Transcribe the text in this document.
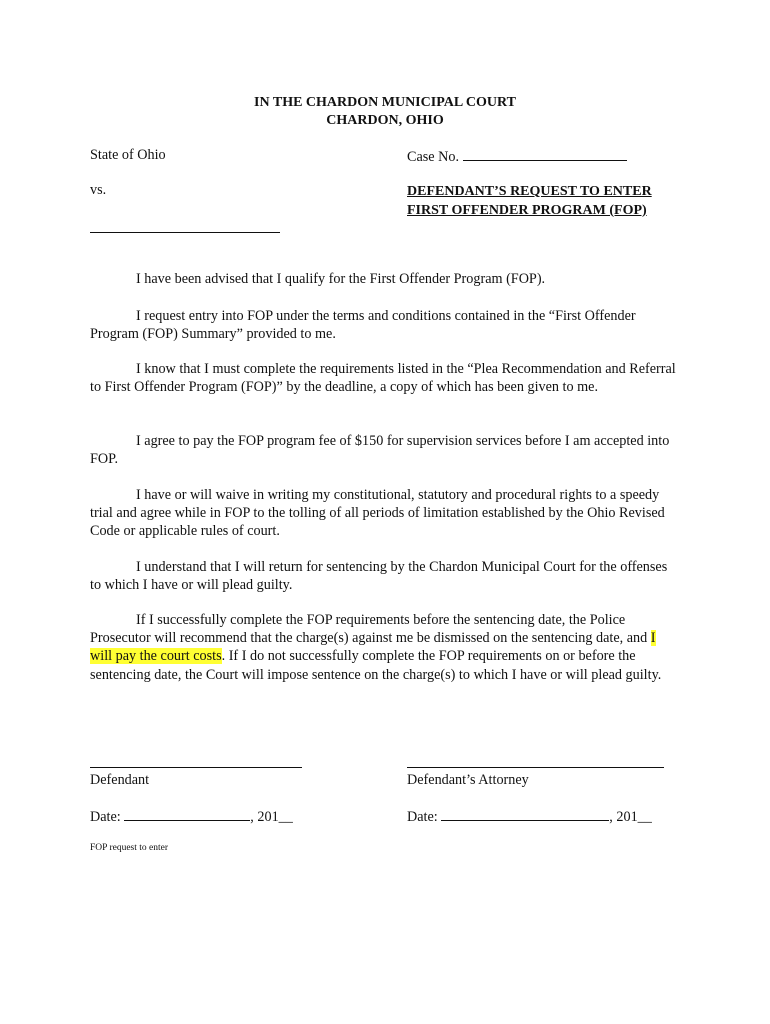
IN THE CHARDON MUNICIPAL COURT
CHARDON, OHIO
State of Ohio
vs.
Case No.
DEFENDANT’S REQUEST TO ENTER
FIRST OFFENDER PROGRAM (FOP)
I have been advised that I qualify for the First Offender Program (FOP).
I request entry into FOP under the terms and conditions contained in the “First Offender Program (FOP) Summary” provided to me.
I know that I must complete the requirements listed in the “Plea Recommendation and Referral to First Offender Program (FOP)” by the deadline, a copy of which has been given to me.
I agree to pay the FOP program fee of $150 for supervision services before I am accepted into FOP.
I have or will waive in writing my constitutional, statutory and procedural rights to a speedy trial and agree while in FOP to the tolling of all periods of limitation established by the Ohio Revised Code or applicable rules of court.
I understand that I will return for sentencing by the Chardon Municipal Court for the offenses to which I have or will plead guilty.
If I successfully complete the FOP requirements before the sentencing date, the Police Prosecutor will recommend that the charge(s) against me be dismissed on the sentencing date, and I will pay the court costs. If I do not successfully complete the FOP requirements on or before the sentencing date, the Court will impose sentence on the charge(s) to which I have or will plead guilty.
Defendant	Defendant’s Attorney
Date:	, 201__	Date:	, 201__
FOP request to enter
